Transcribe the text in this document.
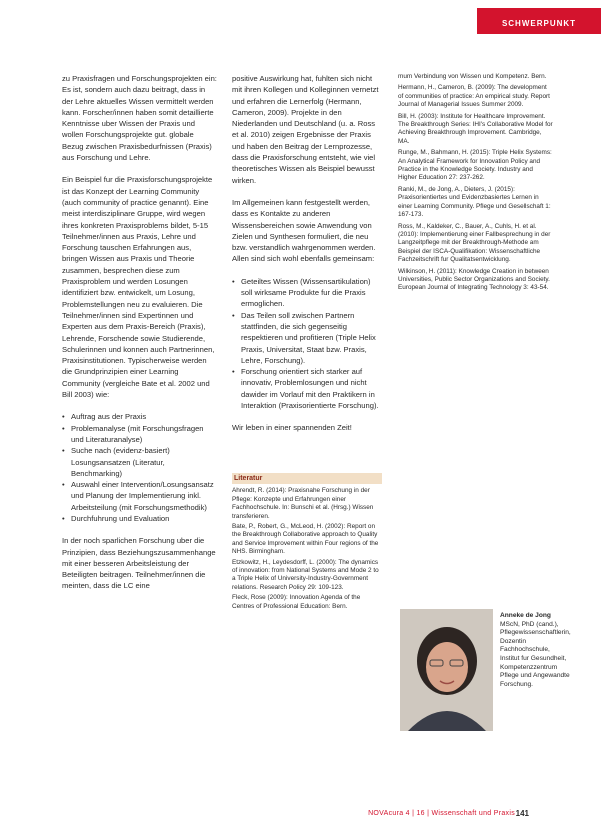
SCHWERPUNKT

zu Praxisfragen und Forschungsprojekten ein: Es ist, sondern auch dazu beitragt, dass in der Lehre aktuelles Wissen vermittelt werden kann. Forscher/innen haben somit detaillierte Kenntnisse uber Wissen der Praxis und wollen Forschungsprojekte gut. globale Bezug zwischen Praxisbedurfnissen (Praxis) aus Forschung und Lehre.

Ein Beispiel fur die Praxisforschungsprojekte ist das Konzept der Learning Community (auch community of practice genannt). Eine meist interdisziplinare Gruppe, wird wegen ihres konkreten Praxisproblems bildet, 5-15 Teilnehmer/innen aus Praxis, Lehre und Forschung tauschen Erfahrungen aus, bringen Wissen aus Praxis und Theorie zusammen, besprechen diese zum Praxisproblem und werden Losungen identifiziert bzw. entwickelt, um Losung, Problemstellungen neu zu evaluieren. Die Teilnehmer/innen sind Expertinnen und Experten aus dem Praxis-Bereich (Praxis), Lehrende, Forschende sowie Studierende, Schulerinnen und konnen auch Partnerinnen, Praxisinstitutionen. Typischerweise werden die Grundprinzipien einer Learning Community (vergleiche Bate et al. 2002 und Bill 2003) wie:

• Auftrag aus der Praxis
• Problemanalyse (mit Forschungsfragen und Literaturanalyse)
• Suche nach (evidenz-basiert) Losungsansatzen (Literatur, Benchmarking)
• Auswahl einer Intervention/Losungsansatz und Planung der Implementierung inkl. Arbeitsteilung (mit Forschungsmethodik)
• Durchfuhrung und Evaluation

In der noch sparlichen Forschung uber die Prinzipien, dass Beziehungszusammenhange mit einer besseren Arbeitsleistung der Beteiligten beitragen. Teilnehmer/innen die meinten, dass die LC eine

positive Auswirkung hat, fuhlten sich nicht mit ihren Kollegen und Kolleginnen vernetzt und erfahren die Lernerfolg (Hermann, Cameron, 2009). Projekte in den Niederlanden und Deutschland (u. a. Ross et al. 2010) zeigen Ergebnisse der Praxis und haben den Beitrag der Lernprozesse, dass die Praxisforschung entsteht, wie viel theoretisches Wissen als Beispiel bewusst wirken.

Im Allgemeinen kann festgestellt werden, dass es Kontakte zu anderen Wissensbereichen sowie Anwendung von Zielen und Synthesen formuliert, die neu bzw. verstandlich wahrgenommen werden. Allen sind sich wohl ebenfalls gemeinsam:

• Geteiltes Wissen (Wissensartikulation) soll wirksame Produkte fur die Praxis ermoglichen.
• Das Teilen soll zwischen Partnern stattfinden, die sich gegenseitig respektieren und profitieren (Triple Helix Praxis, Universitat, Staat bzw. Praxis, Lehre, Forschung).
• Forschung orientiert sich starker auf innovativ, Problemlosungen und nicht dawider im Vorlauf mit den Praktikern in Interaktion (Praxisorientierte Forschung).

Wir leben in einer spannenden Zeit!

Literatur
Ahrendt, R. (2014): Praxisnahe Forschung in der Pflege: Konzepte und Erfahrungen einer Fachhochschule. In: Bunschi et al. (Hrsg.) Wissen transferieren.
Bate, P., Robert, G., McLeod, H. (2002): Report on the Breakthrough Collaborative approach to Quality and Service Improvement within Four regions of the NHS. Birmingham.
Etzkowitz, H., Leydesdorff, L. (2000): The dynamics of innovation: from National Systems and Mode 2 to a Triple Helix of University-Industry-Government relations. Research Policy 29: 109-123.
Fleck, Rose (2009): Innovation Agenda of the Centres of Professional Education: Bern.
mum Verbindung von Wissen und Kompetenz. Bern.
Hermann, H., Cameron, B. (2009): The development of communities of practice: An empirical study. Report Journal of Managerial Issues Summer 2009.
Bill, H. (2003): Institute for Healthcare Improvement. The Breakthrough Series: IHI's Collaborative Model for Achieving Breakthrough Improvement. Cambridge, MA.
Runge, M., Bahmann, H. (2015): Triple Helix Systems: An Analytical Framework for Innovation Policy and Practice in the Knowledge Society. Industry and Higher Education 27: 237-262.
Ranki, M., de Jong, A., Dieters, J. (2015): Praxisorientiertes und Evidenzbasiertes Lernen in einer Learning Community. Pflege und Gesellschaft 1: 167-173.
Ross, M., Kaldeker, C., Bauer, A., Cuhls, H. et al. (2010): Implementierung einer Fallbesprechung in der Langzeitpflege mit der Breakthrough-Methode am Beispiel der ISCA-Qualifikation: Wissenschaftliche Fachzeitschrift fur Qualitatsentwicklung.
Wilkinson, H. (2011): Knowledge Creation in between Universities, Public Sector Organizations and Society. European Journal of Integrating Technology 3: 43-54.
Anneke de Jong
MScN, PhD (cand.), Pflegewissenschaftlerin, Dozentin Fachhochschule, Institut fur Gesundheit, Kompetenzzentrum Pflege und Angewandte Forschung.
NOVAcura 4 | 16 | Wissenschaft und Praxis 141
